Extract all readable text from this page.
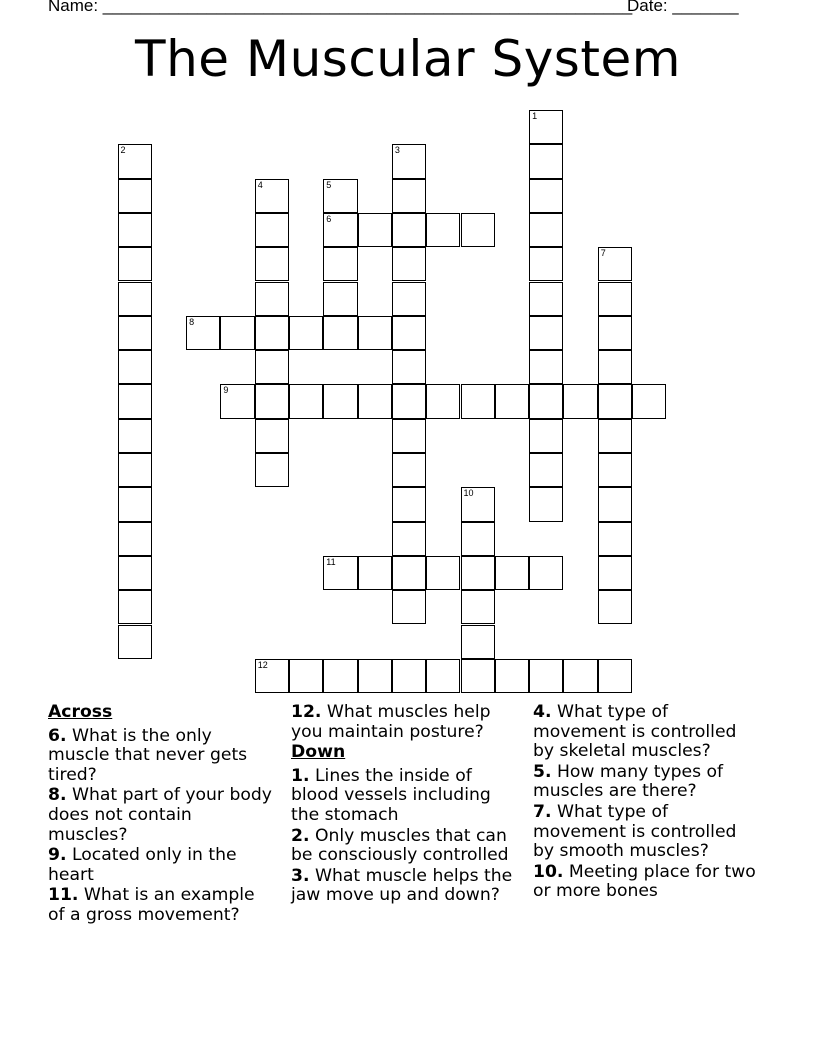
Name: ________________________________________________________
Date: _______
The Muscular System
1
2	3
4	5
6
7
8
9
10
11
12
Across
6. What is the only muscle that never gets tired?
8. What part of your body does not contain muscles?
9. Located only in the heart
11. What is an example of a gross movement?
12. What muscles help you maintain posture?
Down
1. Lines the inside of blood vessels including the stomach
2. Only muscles that can be consciously controlled
3. What muscle helps the jaw move up and down?
4. What type of movement is controlled by skeletal muscles?
5. How many types of muscles are there?
7. What type of movement is controlled by smooth muscles?
10. Meeting place for two or more bones
